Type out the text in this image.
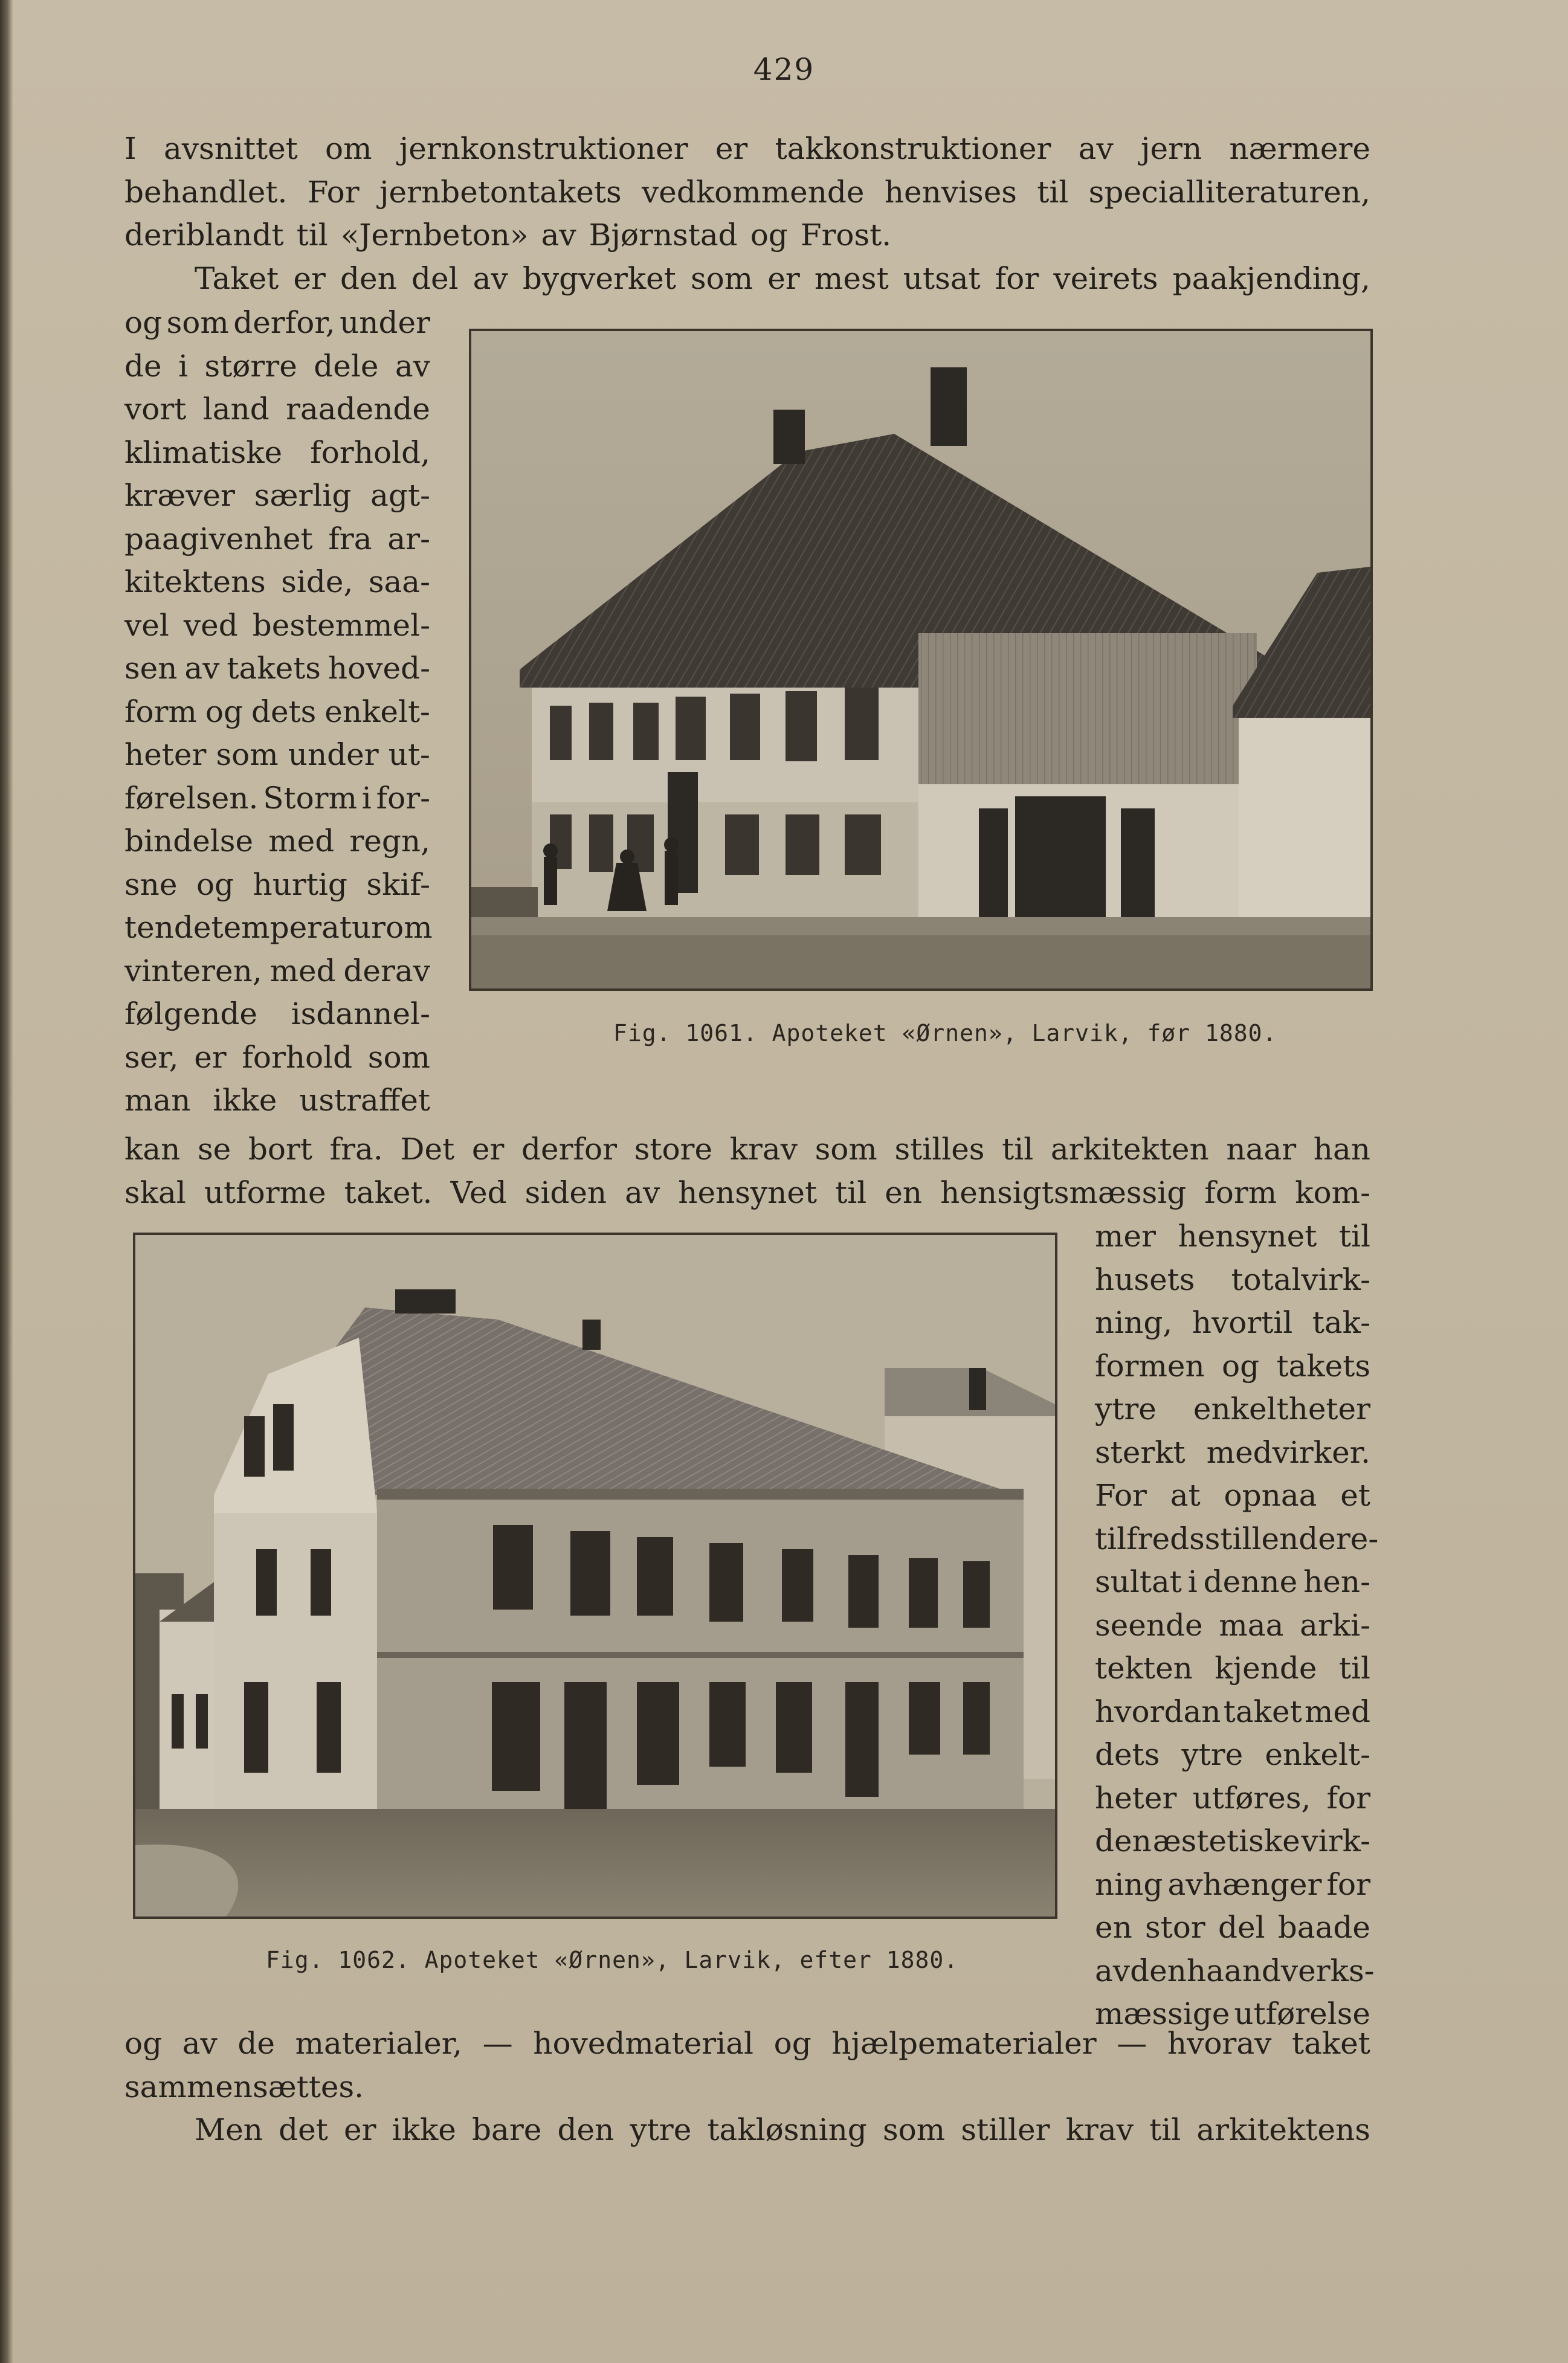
429
I avsnittet om jernkonstruktioner er takkonstruktioner av jern nærmere
behandlet. For jernbetontakets vedkommende henvises til specialliteraturen,
deriblandt til «Jernbeton» av Bjørnstad og Frost.
Taket er den del av bygverket som er mest utsat for veirets paakjending,
og som derfor, under
de i større dele av
vort land raadende
klimatiske forhold,
kræver særlig agt-
paagivenhet fra ar-
kitektens side, saa-
vel ved bestemmel-
sen av takets hoved-
form og dets enkelt-
heter som under ut-
førelsen. Storm i for-
bindelse med regn,
sne og hurtig skif-
tende temperatur om
vinteren, med derav
følgende isdannel-
ser, er forhold som
man ikke ustraffet
kan se bort fra. Det er derfor store krav som stilles til arkitekten naar han
skal utforme taket. Ved siden av hensynet til en hensigtsmæssig form kom-
mer hensynet til
husets totalvirk-
ning, hvortil tak-
formen og takets
ytre enkeltheter
sterkt medvirker.
For at opnaa et
tilfredsstillende re-
sultat i denne hen-
seende maa arki-
tekten kjende til
hvordan taket med
dets ytre enkelt-
heter utføres, for
den æstetiske virk-
ning avhænger for
en stor del baade
av den haandverks-
mæssige utførelse
og av de materialer, — hovedmaterial og hjælpematerialer — hvorav taket
sammensættes.
Men det er ikke bare den ytre takløsning som stiller krav til arkitektens
Fig. 1061. Apoteket «Ørnen», Larvik, før 1880.
Fig. 1062. Apoteket «Ørnen», Larvik, efter 1880.
